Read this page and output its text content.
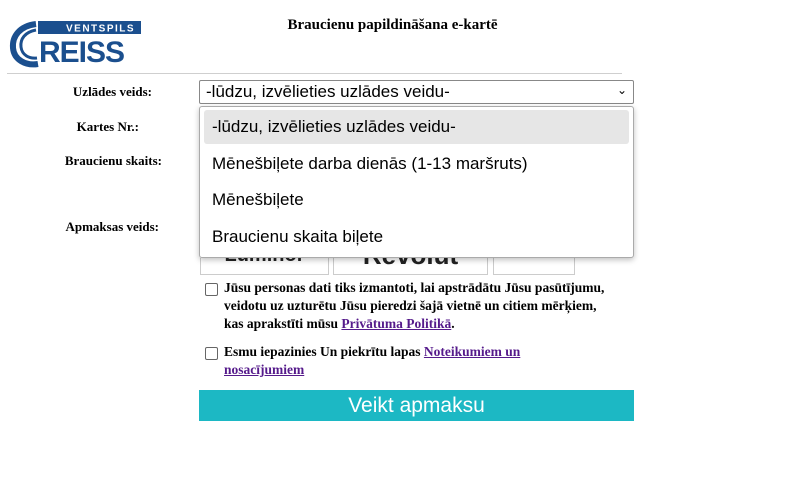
VENTSPILS
REISS
Braucienu papildināšana e-kartē
Uzlādes veids:
Kartes Nr.:
Braucienu skaits:
Apmaksas veids:
-lūdzu, izvēlieties uzlādes veidu-	⌄
-lūdzu, izvēlieties uzlādes veidu-
Mēnešbiļete darba dienās (1-13 maršruts)
Mēnešbiļete
Braucienu skaita biļete
Jūsu personas dati tiks izmantoti, lai apstrādātu Jūsu pasūtījumu, veidotu uz uzturētu Jūsu pieredzi šajā vietnē un citiem mērķiem, kas aprakstīti mūsu Privātuma Politikā.
Esmu iepazinies Un piekrītu lapas Noteikumiem un nosacījumiem
Veikt apmaksu
